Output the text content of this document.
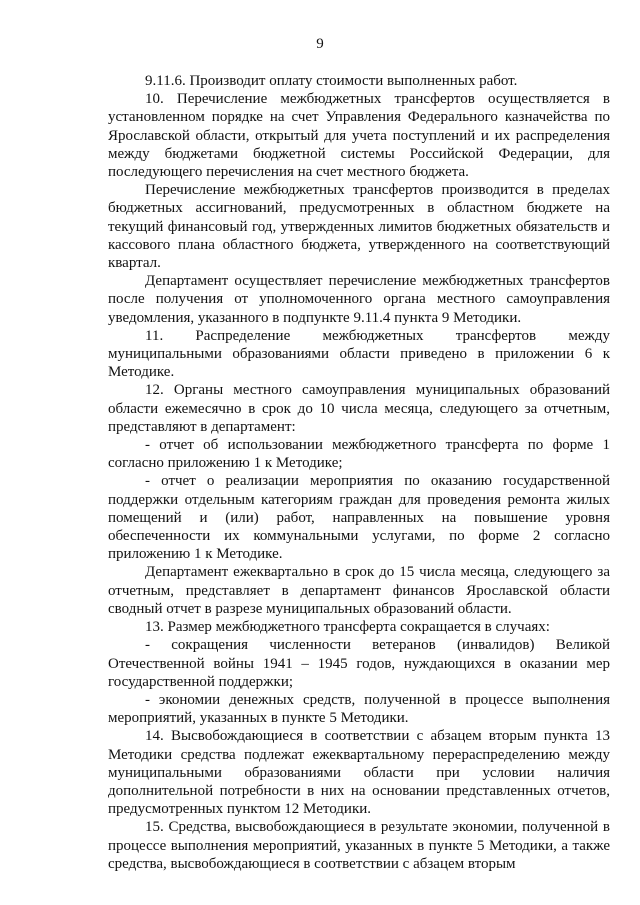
9

9.11.6. Производит оплату стоимости выполненных работ.

10. Перечисление межбюджетных трансфертов осуществляется в установленном порядке на счет Управления Федерального казначейства по Ярославской области, открытый для учета поступлений и их распределения между бюджетами бюджетной системы Российской Федерации, для последующего перечисления на счет местного бюджета.

Перечисление межбюджетных трансфертов производится в пределах бюджетных ассигнований, предусмотренных в областном бюджете на текущий финансовый год, утвержденных лимитов бюджетных обязательств и кассового плана областного бюджета, утвержденного на соответствующий квартал.

Департамент осуществляет перечисление межбюджетных трансфертов после получения от уполномоченного органа местного самоуправления уведомления, указанного в подпункте 9.11.4 пункта 9 Методики.

11. Распределение межбюджетных трансфертов между муниципальными образованиями области приведено в приложении 6 к Методике.

12. Органы местного самоуправления муниципальных образований области ежемесячно в срок до 10 числа месяца, следующего за отчетным, представляют в департамент:

- отчет об использовании межбюджетного трансферта по форме 1 согласно приложению 1 к Методике;

- отчет о реализации мероприятия по оказанию государственной поддержки отдельным категориям граждан для проведения ремонта жилых помещений и (или) работ, направленных на повышение уровня обеспеченности их коммунальными услугами, по форме 2 согласно приложению 1 к Методике.

Департамент ежеквартально в срок до 15 числа месяца, следующего за отчетным, представляет в департамент финансов Ярославской области сводный отчет в разрезе муниципальных образований области.

13. Размер межбюджетного трансферта сокращается в случаях:

- сокращения численности ветеранов (инвалидов) Великой Отечественной войны 1941 – 1945 годов, нуждающихся в оказании мер государственной поддержки;

- экономии денежных средств, полученной в процессе выполнения мероприятий, указанных в пункте 5 Методики.

14. Высвобождающиеся в соответствии с абзацем вторым пункта 13 Методики средства подлежат ежеквартальному перераспределению между муниципальными образованиями области при условии наличия дополнительной потребности в них на основании представленных отчетов, предусмотренных пунктом 12 Методики.

15. Средства, высвобождающиеся в результате экономии, полученной в процессе выполнения мероприятий, указанных в пункте 5 Методики, а также средства, высвобождающиеся в соответствии с абзацем вторым
